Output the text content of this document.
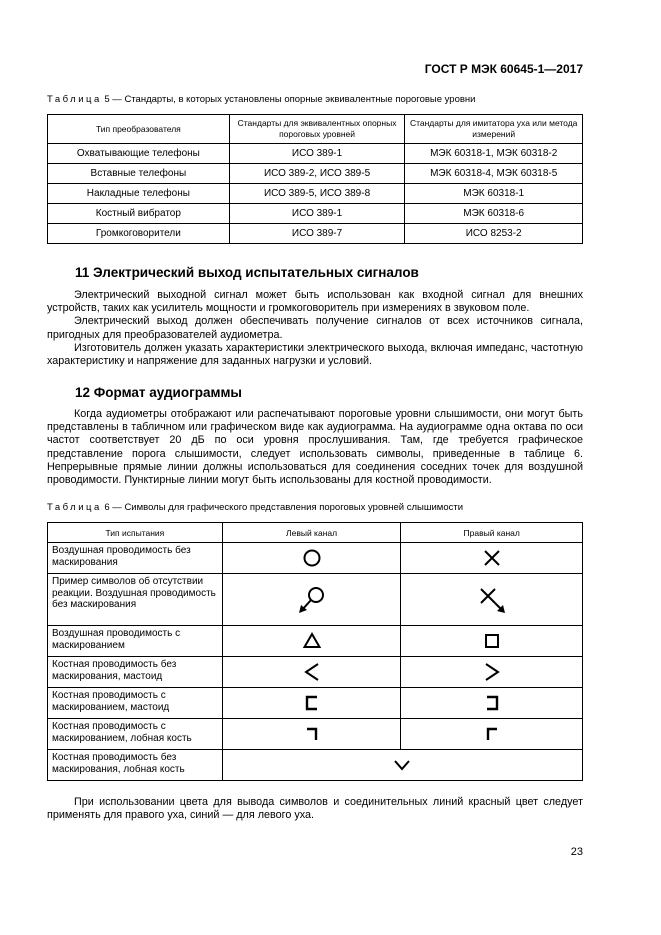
ГОСТ Р МЭК 60645-1—2017
Таблица 5 — Стандарты, в которых установлены опорные эквивалентные пороговые уровни
Тип преобразователя	Стандарты для эквивалентных опорных пороговых уровней	Стандарты для имитатора уха или метода измерений
Охватывающие телефоны	ИСО 389-1	МЭК 60318-1, МЭК 60318-2
Вставные телефоны	ИСО 389-2, ИСО 389-5	МЭК 60318-4, МЭК 60318-5
Накладные телефоны	ИСО 389-5, ИСО 389-8	МЭК 60318-1
Костный вибратор	ИСО 389-1	МЭК 60318-6
Громкоговорители	ИСО 389-7	ИСО 8253-2
11 Электрический выход испытательных сигналов

Электрический выходной сигнал может быть использован как входной сигнал для внешних устройств, таких как усилитель мощности и громкоговоритель при измерениях в звуковом поле.

Электрический выход должен обеспечивать получение сигналов от всех источников сигнала, пригодных для преобразователей аудиометра.

Изготовитель должен указать характеристики электрического выхода, включая импеданс, частотную характеристику и напряжение для заданных нагрузки и условий.

12 Формат аудиограммы

Когда аудиометры отображают или распечатывают пороговые уровни слышимости, они могут быть представлены в табличном или графическом виде как аудиограмма. На аудиограмме одна октава по оси частот соответствует 20 дБ по оси уровня прослушивания. Там, где требуется графическое представление порога слышимости, следует использовать символы, приведенные в таблице 6. Непрерывные прямые линии должны использоваться для соединения соседних точек для воздушной проводимости. Пунктирные линии могут быть использованы для костной проводимости.

Таблица 6 — Символы для графического представления пороговых уровней слышимости
Тип испытания	Левый канал	Правый канал
Воздушная проводимость без маскирования	

Пример символов об отсутствии реакции. Воздушная проводимость без маскирования	

Воздушная проводимость с маскированием	

Костная проводимость без маскирования, мастоид	

Костная проводимость с маскированием, мастоид	

Костная проводимость с маскированием, лобная кость	

Костная проводимость без маскирования, лобная кость	

При использовании цвета для вывода символов и соединительных линий красный цвет следует применять для правого уха, синий — для левого уха.

23
